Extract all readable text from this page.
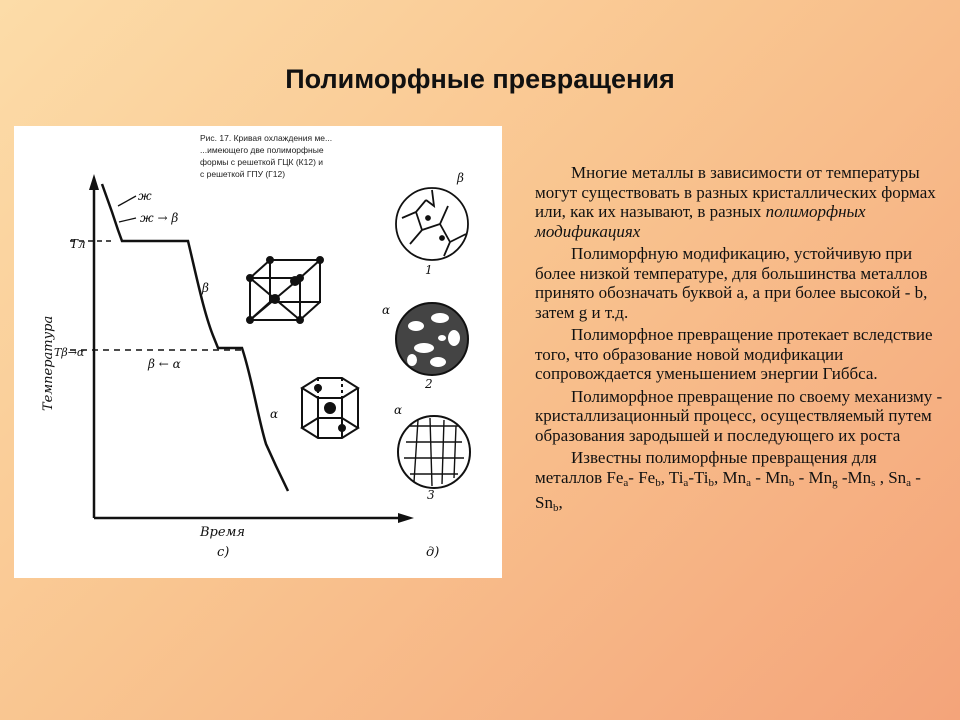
Полиморфные превращения
Рис. 17. Кривая охлаждения ме...
...имеющего две полиморфные
формы с решеткой ГЦК (К12) и
с решеткой ГПУ (Г12)
Температура
Время
с)	д)
Tл
Tβ→α
ж
ж → β
β
β ← α
α
β
1
α
2
α
3

Многие металлы в зависимости от температуры могут существовать в разных кристаллических формах или, как их называют, в разных полиморфных модификациях

Полиморфную модификацию, устойчивую при более низкой температуре, для большинства металлов принято обозначать буквой а, а при более высокой - b, затем g и т.д.

Полиморфное превращение протекает вследствие того, что образование новой модификации сопровождается уменьшением энергии Гиббса.

Полиморфное превращение по своему механизму - кристаллизационный процесс, осуществляемый путем образования зародышей и последующего их роста

Известны полиморфные превращения для металлов $Fe_a-$ $Fe_b$, $Ti_a-Ti_b$, $Mn_a - Mn_b - Mn_g$ $-Mn_s$ , $Sn_a - Sn_b$,
